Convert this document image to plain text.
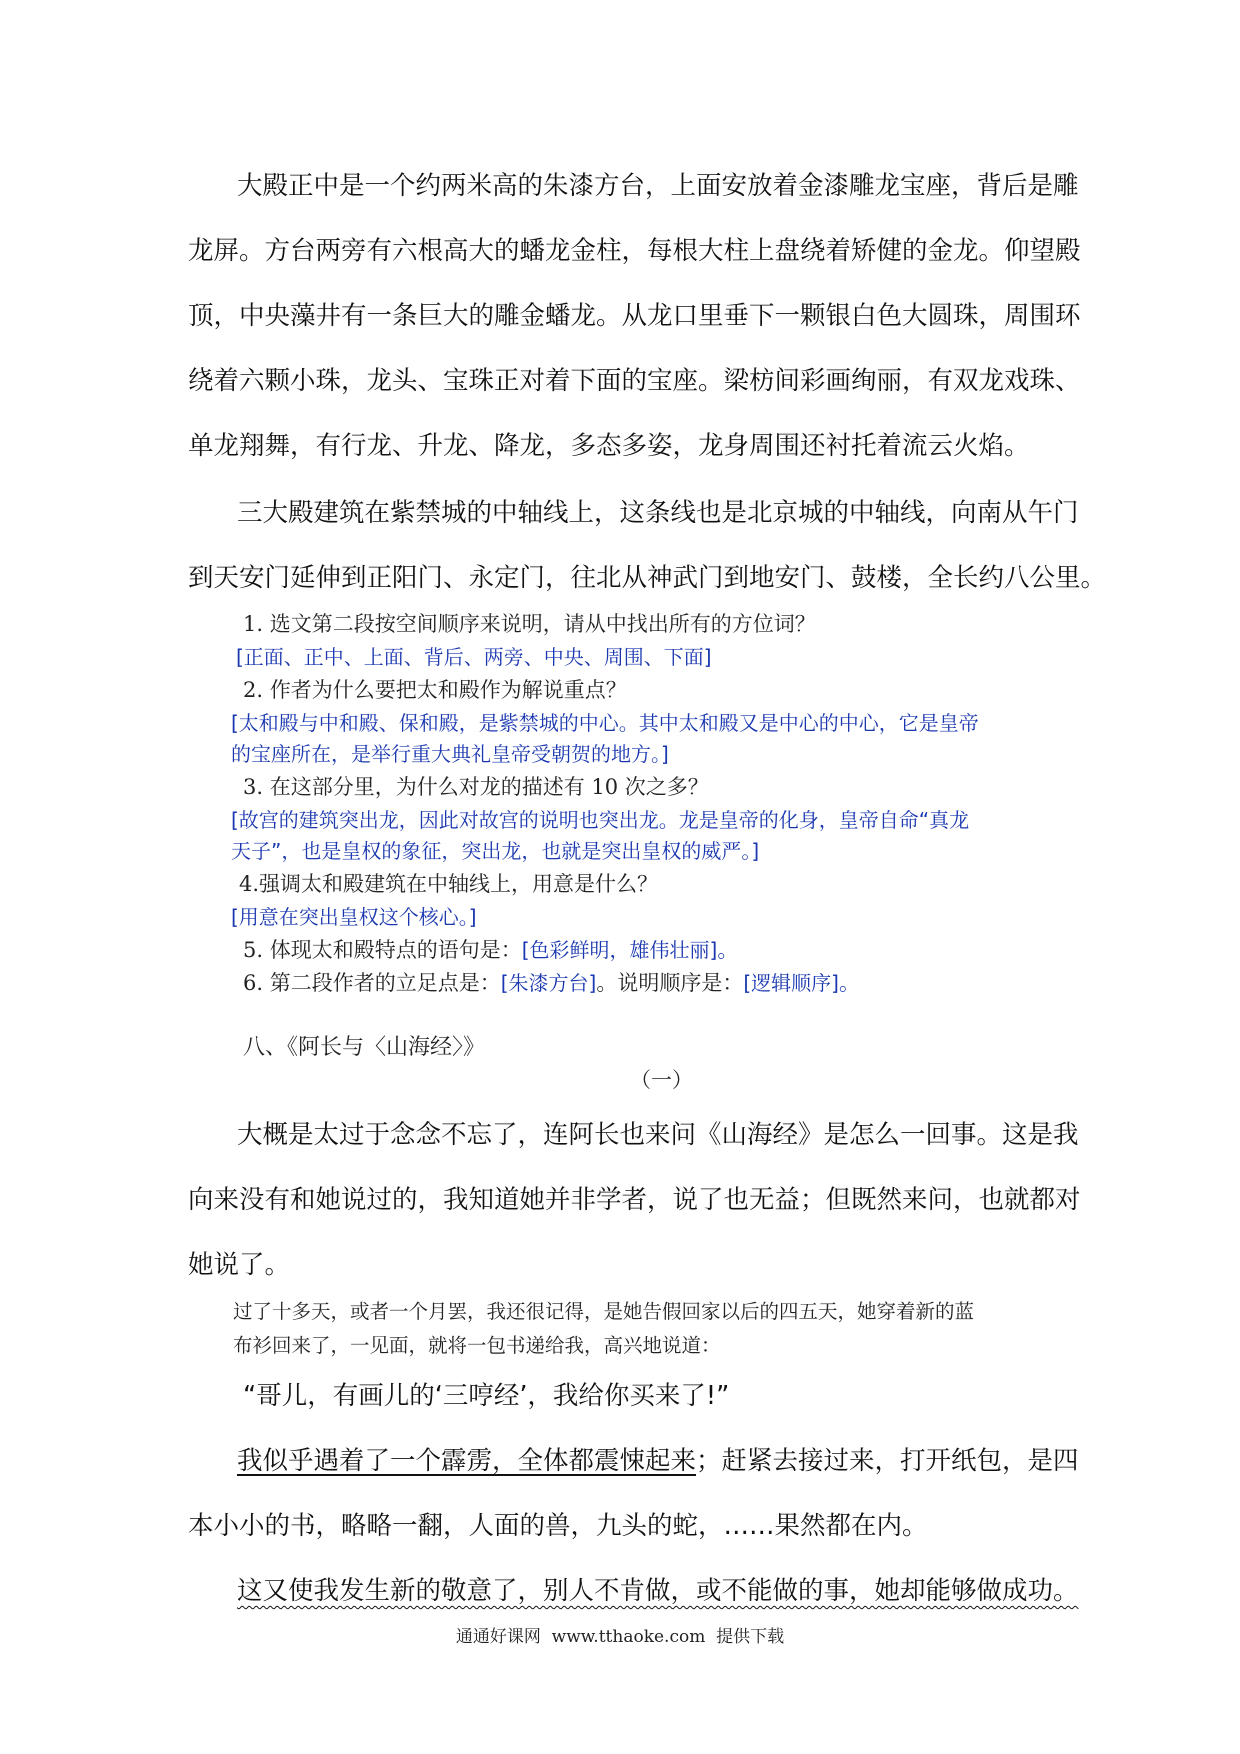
大殿正中是一个约两米高的朱漆方台，上面安放着金漆雕龙宝座，背后是雕
龙屏。方台两旁有六根高大的蟠龙金柱，每根大柱上盘绕着矫健的金龙。仰望殿
顶，中央藻井有一条巨大的雕金蟠龙。从龙口里垂下一颗银白色大圆珠，周围环
绕着六颗小珠，龙头、宝珠正对着下面的宝座。梁枋间彩画绚丽，有双龙戏珠、
单龙翔舞，有行龙、升龙、降龙，多态多姿，龙身周围还衬托着流云火焰。
三大殿建筑在紫禁城的中轴线上，这条线也是北京城的中轴线，向南从午门
到天安门延伸到正阳门、永定门，往北从神武门到地安门、鼓楼，全长约八公里。
1. 选文第二段按空间顺序来说明，请从中找出所有的方位词？
[正面、正中、上面、背后、两旁、中央、周围、下面]
2. 作者为什么要把太和殿作为解说重点？
[太和殿与中和殿、保和殿，是紫禁城的中心。其中太和殿又是中心的中心，它是皇帝
的宝座所在，是举行重大典礼皇帝受朝贺的地方。]
3. 在这部分里，为什么对龙的描述有 10 次之多？
[故宫的建筑突出龙，因此对故宫的说明也突出龙。龙是皇帝的化身，皇帝自命“真龙
天子”，也是皇权的象征，突出龙，也就是突出皇权的威严。]
4.强调太和殿建筑在中轴线上，用意是什么？
[用意在突出皇权这个核心。]
5. 体现太和殿特点的语句是：[色彩鲜明，雄伟壮丽]。
6. 第二段作者的立足点是：[朱漆方台]。说明顺序是：[逻辑顺序]。
八、《阿长与〈山海经〉》
（一）
大概是太过于念念不忘了，连阿长也来问《山海经》是怎么一回事。这是我
向来没有和她说过的，我知道她并非学者，说了也无益；但既然来问，也就都对
她说了。
过了十多天，或者一个月罢，我还很记得，是她告假回家以后的四五天，她穿着新的蓝
布衫回来了，一见面，就将一包书递给我，高兴地说道：
“哥儿，有画儿的‘三哼经’，我给你买来了!”
我似乎遇着了一个霹雳，全体都震悚起来；赶紧去接过来，打开纸包，是四
本小小的书，略略一翻，人面的兽，九头的蛇，……果然都在内。
这又使我发生新的敬意了，别人不肯做，或不能做的事，她却能够做成功。
通通好课网  www.tthaoke.com  提供下载
